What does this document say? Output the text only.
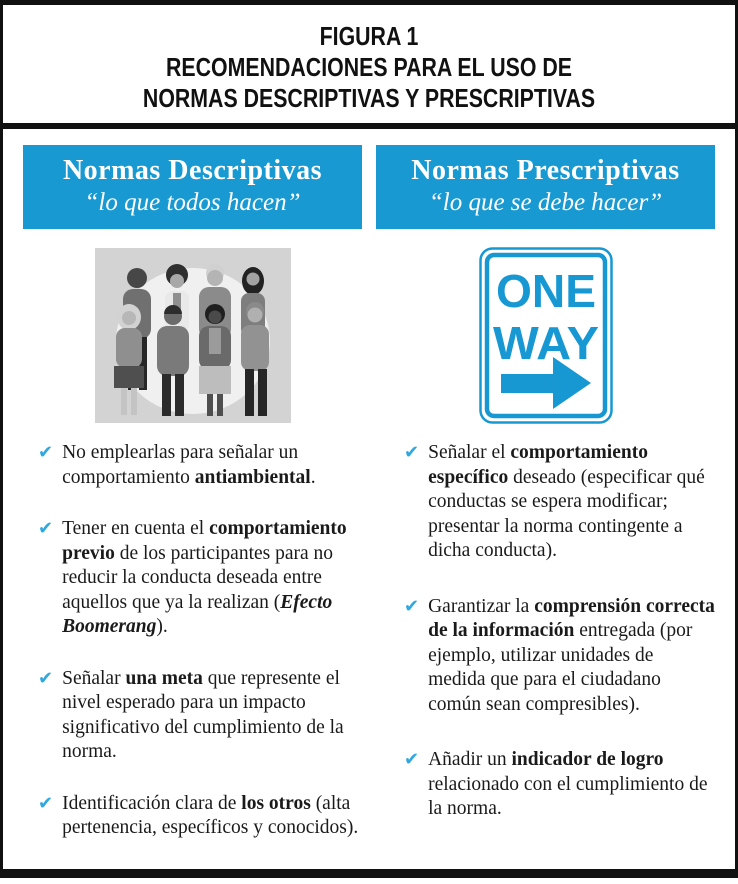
FIGURA 1
RECOMENDACIONES PARA EL USO DE
NORMAS DESCRIPTIVAS Y PRESCRIPTIVAS
Normas Descriptivas
“lo que todos hacen”
✔ No emplearlas para señalar un comportamiento antiambiental.
✔ Tener en cuenta el comportamiento previo de los participantes para no reducir la conducta deseada entre aquellos que ya la realizan (Efecto Boomerang).
✔ Señalar una meta que represente el nivel esperado para un impacto significativo del cumplimiento de la norma.
✔ Identificación clara de los otros (alta pertenencia, específicos y conocidos).
Normas Prescriptivas
“lo que se debe hacer”
ONE
WAY
✔ Señalar el comportamiento específico deseado (especificar qué conductas se espera modificar; presentar la norma contingente a dicha conducta).
✔ Garantizar la comprensión correcta de la información entregada (por ejemplo, utilizar unidades de medida que para el ciudadano común sean compresibles).
✔ Añadir un indicador de logro relacionado con el cumplimiento de la norma.
